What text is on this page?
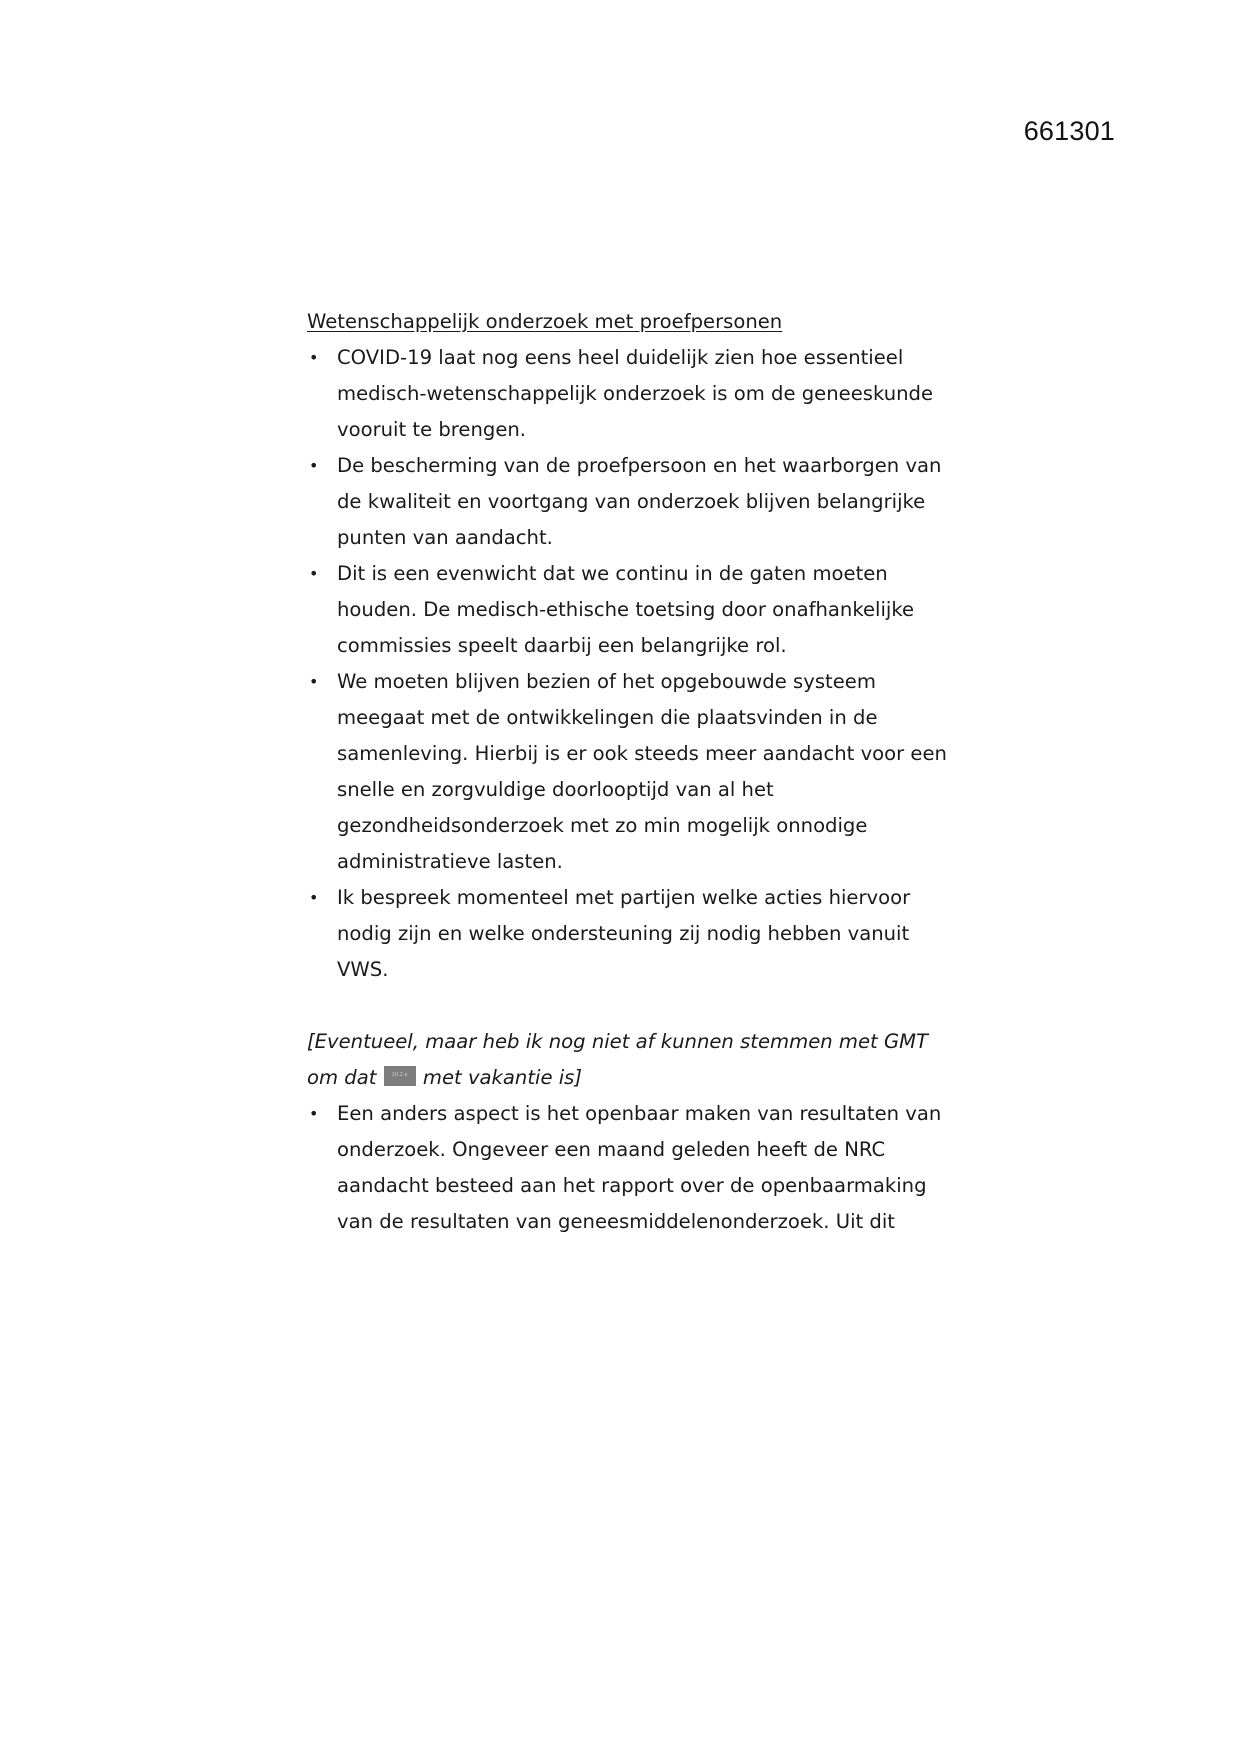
661301

Wetenschappelijk onderzoek met proefpersonen

• COVID-19 laat nog eens heel duidelijk zien hoe essentieel medisch-wetenschappelijk onderzoek is om de geneeskunde vooruit te brengen.
• De bescherming van de proefpersoon en het waarborgen van de kwaliteit en voortgang van onderzoek blijven belangrijke punten van aandacht.
• Dit is een evenwicht dat we continu in de gaten moeten houden. De medisch-ethische toetsing door onafhankelijke commissies speelt daarbij een belangrijke rol.
• We moeten blijven bezien of het opgebouwde systeem meegaat met de ontwikkelingen die plaatsvinden in de samenleving. Hierbij is er ook steeds meer aandacht voor een snelle en zorgvuldige doorlooptijd van al het gezondheidsonderzoek met zo min mogelijk onnodige administratieve lasten.
• Ik bespreek momenteel met partijen welke acties hiervoor nodig zijn en welke ondersteuning zij nodig hebben vanuit VWS.

[Eventueel, maar heb ik nog niet af kunnen stemmen met GMT om dat	10.2.e met vakantie is]

• Een anders aspect is het openbaar maken van resultaten van onderzoek. Ongeveer een maand geleden heeft de NRC aandacht besteed aan het rapport over de openbaarmaking van de resultaten van geneesmiddelenonderzoek. Uit dit
